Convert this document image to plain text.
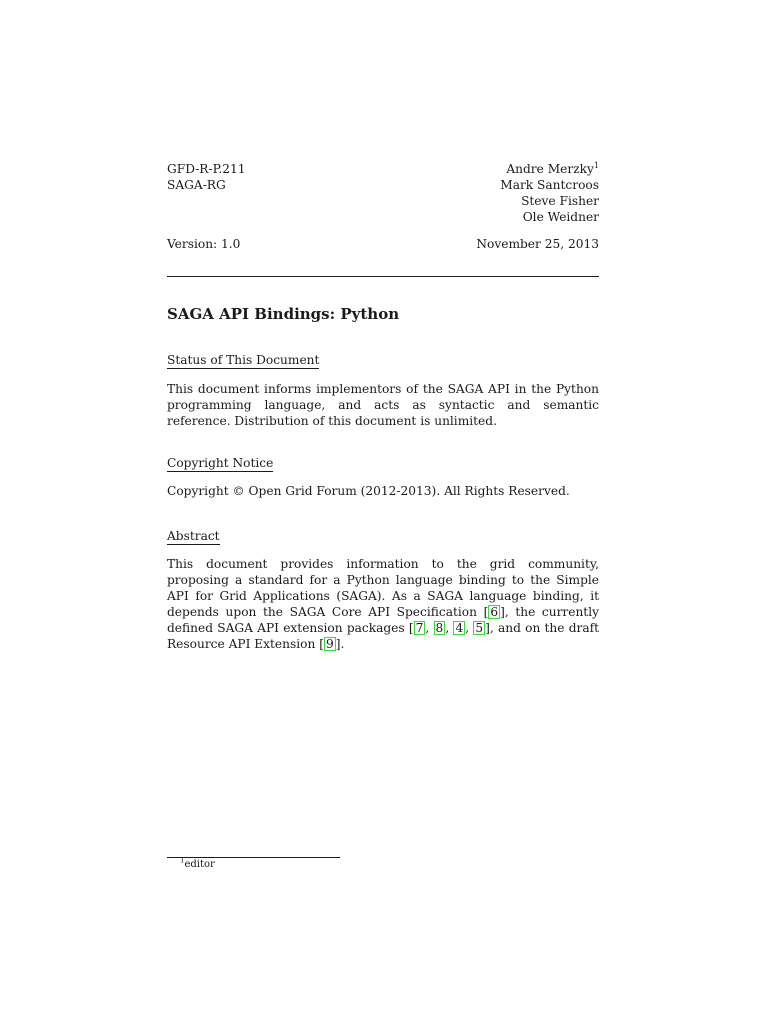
GFD-R-P.211
SAGA-RG
Andre Merzky$^1$
Mark Santcroos
Steve Fisher
Ole Weidner
Version: 1.0	November 25, 2013
SAGA API Bindings: Python
Status of This Document
This document informs implementors of the SAGA API in the Python programming language, and acts as syntactic and semantic reference. Distribution of this document is unlimited.
Copyright Notice
Copyright © Open Grid Forum (2012-2013). All Rights Reserved.
Abstract
This document provides information to the grid community, proposing a standard for a Python language binding to the Simple API for Grid Applications (SAGA). As a SAGA language binding, it depends upon the SAGA Core API Specification [ 6 ], the currently defined SAGA API extension packages [ 7 , 8 , 4 , 5 ], and on the draft Resource API Extension [ 9 ].
$^1$editor
